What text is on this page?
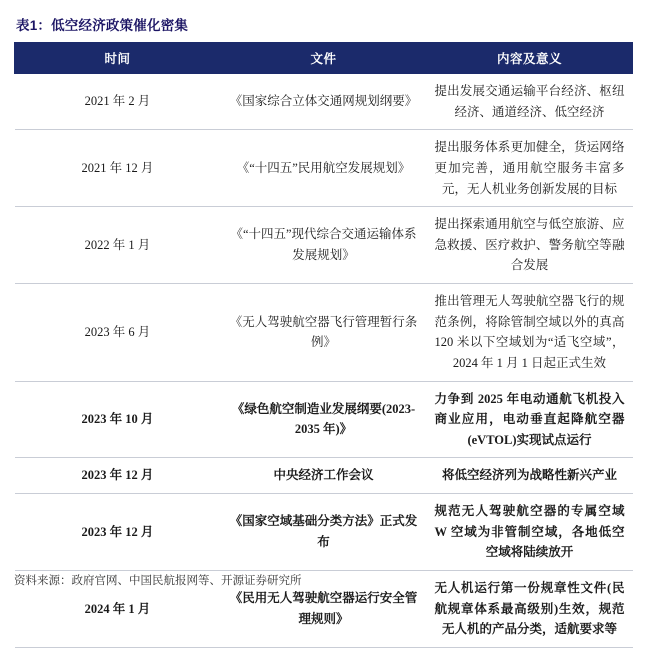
表1：低空经济政策催化密集
时间	文件	内容及意义
2021 年 2 月	《国家综合立体交通网规划纲要》	提出发展交通运输平台经济、枢纽经济、通道经济、低空经济
2021 年 12 月	《“十四五”民用航空发展规划》	提出服务体系更加健全，货运网络更加完善，通用航空服务丰富多元，无人机业务创新发展的目标
2022 年 1 月	《“十四五”现代综合交通运输体系发展规划》	提出探索通用航空与低空旅游、应急救援、医疗救护、警务航空等融合发展
2023 年 6 月	《无人驾驶航空器飞行管理暂行条例》	推出管理无人驾驶航空器飞行的规范条例，将除管制空域以外的真高 120 米以下空域划为“适飞空域”，2024 年 1 月 1 日起正式生效
2023 年 10 月	《绿色航空制造业发展纲要(2023-2035 年)》	力争到 2025 年电动通航飞机投入商业应用，电动垂直起降航空器(eVTOL)实现试点运行
2023 年 12 月	中央经济工作会议	将低空经济列为战略性新兴产业
2023 年 12 月	《国家空域基础分类方法》正式发布	规范无人驾驶航空器的专属空域 W 空域为非管制空域，各地低空空域将陆续放开
2024 年 1 月	《民用无人驾驶航空器运行安全管理规则》	无人机运行第一份规章性文件(民航规章体系最高级别)生效，规范无人机的产品分类，适航要求等
资料来源：政府官网、中国民航报网等、开源证券研究所
